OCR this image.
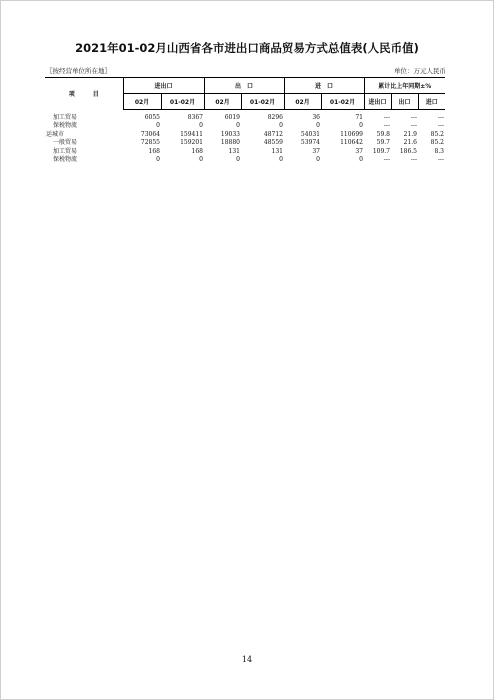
2021年01-02月山西省各市进出口商品贸易方式总值表(人民币值)
〖按经营单位所在地〗	单位：万元人民币
项　　　目	进出口		出　口		进　口		累计比上年同期±%		
	02月	01-02月	02月	01-02月	02月	01-02月	进出口	出口	进口
加工贸易	6055	8367	6019	8296	36	71	---	---	---
保税物流	0	0	0	0	0	0	---	---	---
运城市	73064	159411	19033	48712	54031	110699	59.8	21.9	85.2
一般贸易	72855	159201	18880	48559	53974	110642	59.7	21.6	85.2
加工贸易	168	168	131	131	37	37	109.7	186.5	8.3
保税物流	0	0	0	0	0	0	---	---	---
14
